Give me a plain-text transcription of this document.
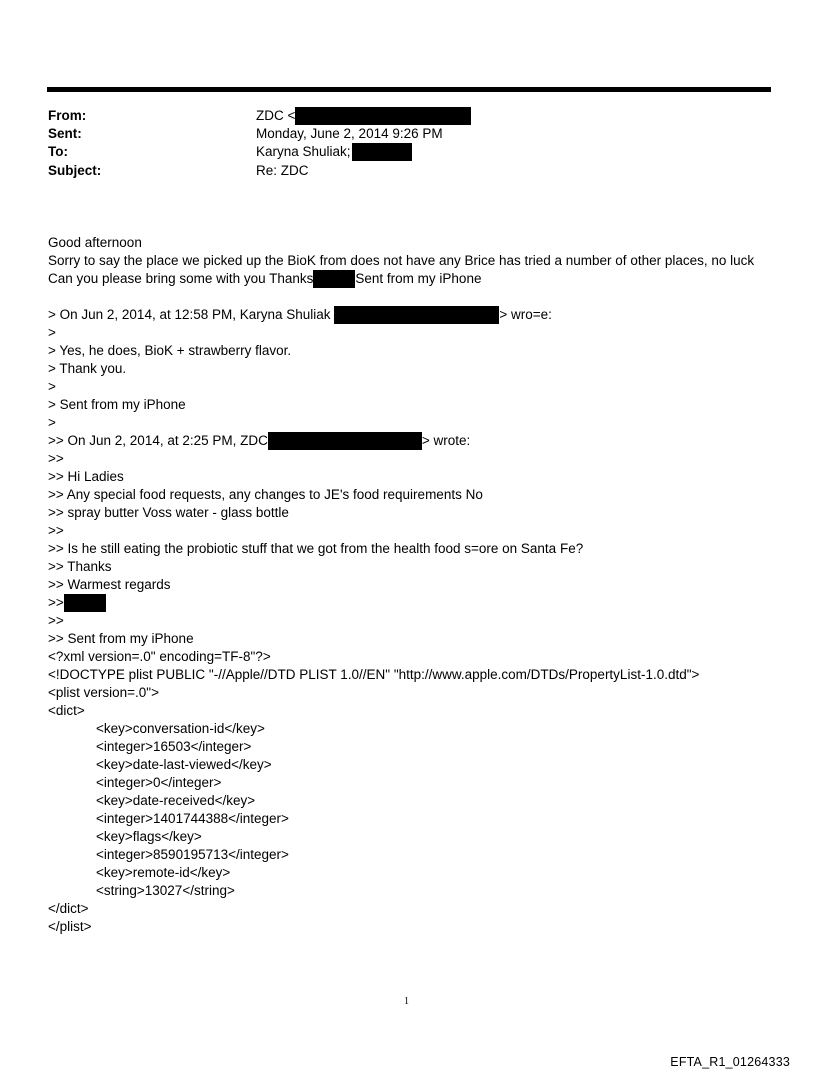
From:	ZDC <
Sent:	Monday, June 2, 2014 9:26 PM
To:	Karyna Shuliak;
Subject:	Re: ZDC
Good afternoon
Sorry to say the place we picked up the BioK from does not have any Brice has tried a number of other places, no luck
Can you please bring some with you Thanks	Sent from my iPhone
> On Jun 2, 2014, at 12:58 PM, Karyna Shuliak	> wro=e:
>
> Yes, he does, BioK + strawberry flavor.
> Thank you.
>
> Sent from my iPhone
>
>> On Jun 2, 2014, at 2:25 PM, ZDC	> wrote:
>>
>> Hi Ladies
>> Any special food requests, any changes to JE's food requirements No
>> spray butter Voss water - glass bottle
>>
>> Is he still eating the probiotic stuff that we got from the health food s=ore on Santa Fe?
>> Thanks
>> Warmest regards
>>
>>
>> Sent from my iPhone
<?xml version=.0" encoding=TF-8"?>
<!DOCTYPE plist PUBLIC "-//Apple//DTD PLIST 1.0//EN" "http://www.apple.com/DTDs/PropertyList-1.0.dtd">
<plist version=.0">
<dict>
<key>conversation-id</key>
<integer>16503</integer>
<key>date-last-viewed</key>
<integer>0</integer>
<key>date-received</key>
<integer>1401744388</integer>
<key>flags</key>
<integer>8590195713</integer>
<key>remote-id</key>
<string>13027</string>
</dict>
</plist>
1
EFTA_R1_01264333
